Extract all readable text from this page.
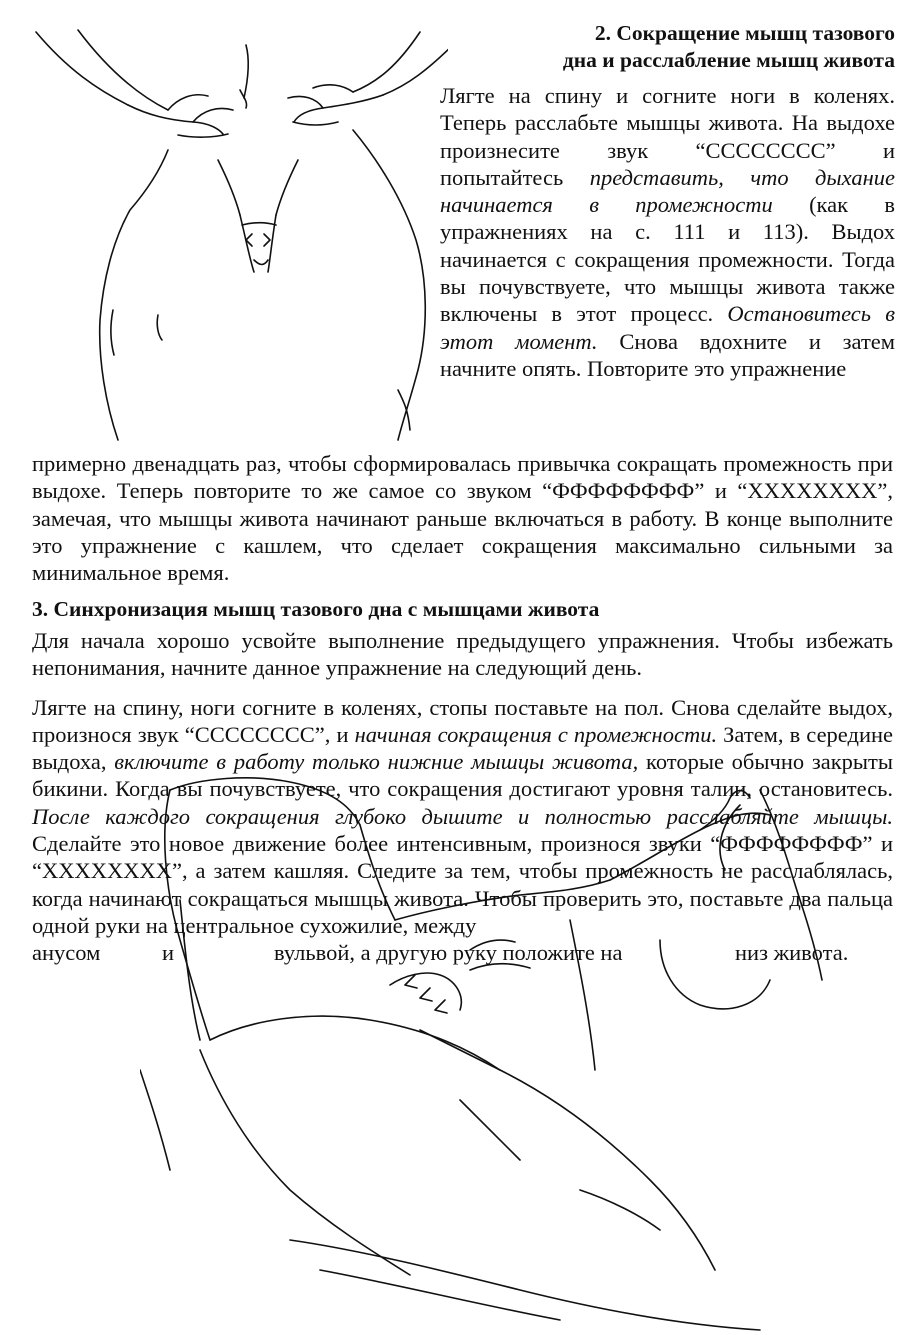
2. Сокращение мышц тазового
дна и расслабление мышц живота

Лягте на спину и согните ноги в коленях. Теперь расслабьте мышцы живота. На выдохе произнесите звук “СССССССС” и попытайтесь представить, что дыхание начинается в промежности (как в упражнениях на с. 111 и 113). Выдох начинается с сокращения промежности. Тогда вы почувствуете, что мышцы живота также включены в этот процесс. Остановитесь в этот момент. Снова вдохните и затем начните опять. Повторите это упражнение

примерно двенадцать раз, чтобы сформировалась привычка сокращать промежность при выдохе. Теперь повторите то же самое со звуком “ФФФФФФФФ” и “ХХХХХХХХ”, замечая, что мышцы живота начинают раньше включаться в работу. В конце выполните это упражнение с кашлем, что сделает сокращения максимально сильными за минимальное время.

3. Синхронизация мышц тазового дна с мышцами живота

Для начала хорошо усвойте выполнение предыдущего упражнения. Чтобы избежать непонимания, начните данное упражнение на следующий день.

Лягте на спину, ноги согните в коленях, стопы поставьте на пол. Снова сделайте выдох, произнося звук “СССССССС”, и начиная сокращения с промежности. Затем, в середине выдоха, включите в работу только нижние мышцы живота, которые обычно закрыты бикини. Когда вы почувствуете, что сокращения достигают уровня талии, остановитесь. После каждого сокращения глубоко дышите и полностью расслабляйте мышцы. Сделайте это новое движение более интенсивным, произнося звуки “ФФФФФФФФ” и “ХХХХХХХХ”, а затем кашляя. Следите за тем, чтобы промежность не расслаблялась, когда начинают сокращаться мышцы живота. Чтобы проверить это, поставьте два пальца одной руки на центральное сухожилие, между

анусом	и	вульвой, а другую руку положите на	низ живота.
